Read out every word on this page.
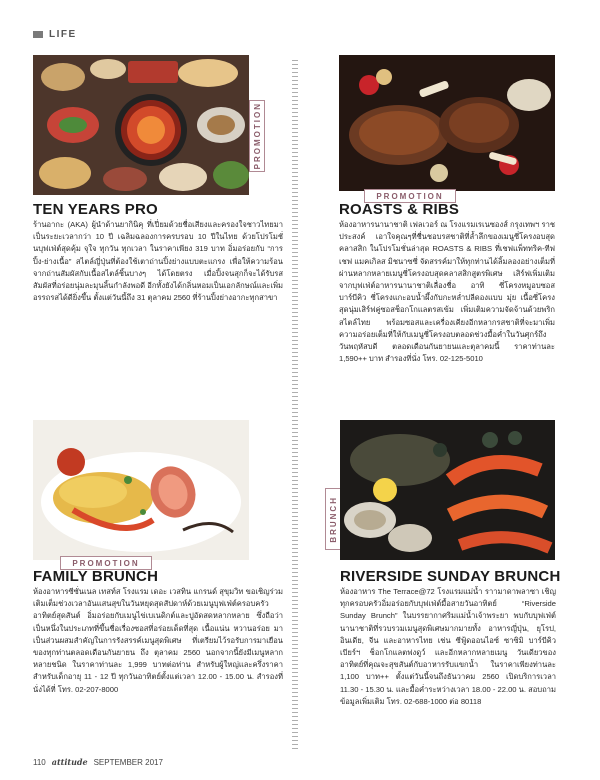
LIFE
PROMOTION
TEN YEARS PRO
ร้านอากะ (AKA) ผู้นำด้านยากินิคุ ที่เปี่ยมด้วยชื่อเสียงและครองใจชาวไทยมาเป็นระยะเวลากว่า 10 ปี เฉลิมฉลองการครบรอบ 10 ปีในไทย ด้วยโปรโมชั่นบุฟเฟ่ต์สุดคุ้ม จุใจ ทุกวัน ทุกเวลา ในราคาเพียง 319 บาท อิ่มอร่อยกับ “การปิ้ง-ย่างเนื้อ” สไตล์ญี่ปุ่นที่ต้องใช้เตาถ่านปิ้งย่างแบบตะแกรง เพื่อให้ความร้อนจากถ่านสัมผัสกับเนื้อสไตล์ชิ้นบางๆ ได้โดยตรง เมื่อปิ้งจนสุกก็จะได้รับรสสัมผัสที่อร่อยนุ่มละมุนลิ้นกำลังพอดี อีกทั้งยังได้กลิ่นหอมเป็นเอกลักษณ์และเพิ่มอรรถรสได้ดียิ่งขึ้น ตั้งแต่วันนี้ถึง 31 ตุลาคม 2560 ที่ร้านปิ้งย่างอากะทุกสาขา
PROMOTION
ROASTS & RIBS
ห้องอาหารนานาชาติ เฟลเวอร์ ณ โรงแรมเรเนซองส์ กรุงเทพฯ ราชประสงค์ เอาใจคุณๆที่ชื่นชอบรสชาติที่ล้ำลึกของเมนูซี่โครงอบสุดคลาสสิก ในโปรโมชั่นล่าสุด ROASTS & RIBS ที่เชฟแพ็ททริค-ทีฟเชฟ แมคเกิลส มิชนาซซี่ จัดสรรค์มาให้ทุกท่านได้ลิ้มลองอย่างเต็มที่ ผ่านหลากหลายเมนูซี่โครงอบสุดคลาสสิกสูตรพิเศษ เสิร์ฟเพิ่มเติมจากบุฟเฟ่ต์อาหารนานาชาติเลื่องชื่อ อาทิ ซี่โครงหมูอบซอสบาร์บีคิว ซี่โครงแกะอบน้ำผึ้งกับกะหล่ำปลีดองแบบ มุ่ย เนื้อซี่โครงสุดนุ่มเสิร์ฟคู่ซอสช็อกโกแลตรสเข้ม เพิ่มเติมความจัดจ้านด้วยพริกสไตล์ไทย พร้อมซอสและเครื่องเคียงอีกหลากรสชาติที่จะมาเพิ่มความอร่อยเต็มที่ให้กับเมนูซี่โครงอบตลอดช่วงมื้อค่ำในวันศุกร์ถึงวันพฤหัสบดี ตลอดเดือนกันยายนและตุลาคมนี้ ราคาท่านละ 1,590++ บาท สำรองที่นั่ง โทร. 02-125-5010
PROMOTION
FAMILY BRUNCH
ห้องอาหารซีซั่นเนล เทสท์ส โรงแรม เดอะ เวสทิน แกรนด์ สุขุมวิท ขอเชิญร่วมเติมเต็มช่วงเวลาอันแสนสุขในวันหยุดสุดสัปดาห์ด้วยเมนูบุฟเฟ่ต์ครอบครัวอาทิตย์สุดสันต์ อิ่มอร่อยกับเมนูไข่เบเนดิกต์และปูอัดสดหลากหลาย ซึ่งถือว่าเป็นหนึ่งในประเภทที่ขึ้นชื่อเรื่องซอสที่อร่อยเด็ดที่สุด เนื้อแน่น หวานอร่อย มาเป็นส่วนผสมสำคัญในการรังสรรค์เมนูสุดพิเศษ ที่เตรียมไว้รอรับการมาเยือนของทุกท่านตลอดเดือนกันยายน ถึง ตุลาคม 2560 นอกจากนี้ยังมีเมนูหลากหลายชนิด ในราคาท่านละ 1,999 บาทต่อท่าน สำหรับผู้ใหญ่และครึ่งราคาสำหรับเด็กอายุ 11 - 12 ปี ทุกวันอาทิตย์ตั้งแต่เวลา 12.00 - 15.00 น. สำรองที่นั่งได้ที่ โทร. 02-207-8000
BRUNCH
RIVERSIDE SUNDAY BRUNCH
ห้องอาหาร The Terrace@72 โรงแรมแม่น้ำ ราามาดาพลาซา เชิญทุกครอบครัวอิ่มอร่อยกับบุฟเฟ่ต์มื้อสายวันอาทิตย์ “Riverside Sunday Brunch” ในบรรยากาศริมแม่น้ำเจ้าพระยา พบกับบุฟเฟ่ต์นานาชาติที่รวบรวมเมนูสุดพิเศษมากมายทั้ง อาหารญี่ปุ่น, ยุโรป, อินเดีย, จีน และอาหารไทย เช่น ซีฟู้ดออนไอซ์ ซาซิมิ บาร์บีคิว เบียร์ฯ ช็อกโกแลตฟงดูว์ และอีกหลากหลายเมนู วันเดียวของอาทิตย์ที่คุณจะสุขสันต์กับอาหารรับแขกน้ำ ในราคาเพียงท่านละ 1,100 บาท++ ตั้งแต่วันนี้จนถึงธันวาคม 2560 เปิดบริการเวลา 11.30 - 15.30 น. และมื้อค่ำระหว่างเวลา 18.00 - 22.00 น. สอบถามข้อมูลเพิ่มเติม โทร. 02-688-1000 ต่อ 80118
110 attitude SEPTEMBER 2017
